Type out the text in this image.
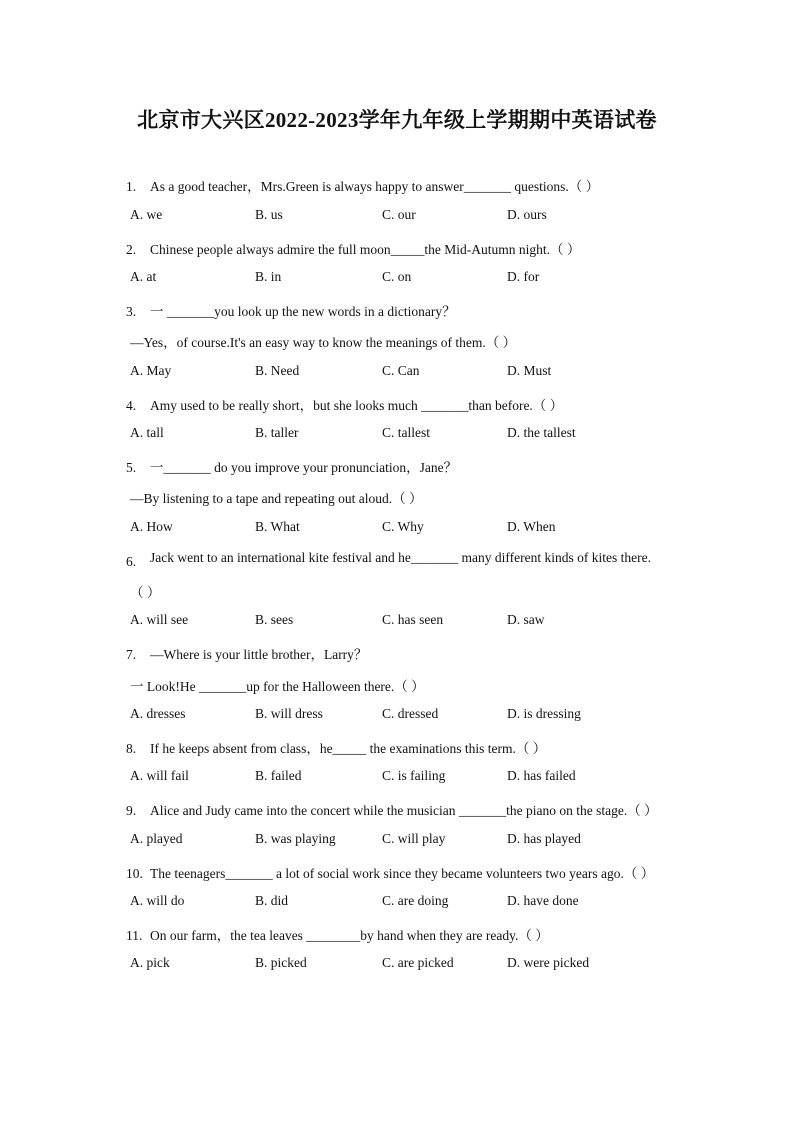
北京市大兴区2022-2023学年九年级上学期期中英语试卷
1.	As a good teacher，Mrs.Green is always happy to answer_______ questions.（ ）
A. we	B. us	C. our	D. ours
2.	Chinese people always admire the full moon_____the Mid-Autumn night.（ ）
A. at	B. in	C. on	D. for
3.	一 _______you look up the new words in a dictionary？
—Yes，of course.It's an easy way to know the meanings of them.（ ）
A. May	B. Need	C. Can	D. Must
4.	Amy used to be really short，but she looks much _______than before.（ ）
A. tall	B. taller	C. tallest	D. the tallest
5.	一_______ do you improve your pronunciation，Jane？
—By listening to a tape and repeating out aloud.（ ）
A. How	B. What	C. Why	D. When
6.	Jack went to an international kite festival and he_______ many different kinds of kites there.
（ ）
A. will see	B. sees	C. has seen	D. saw
7.	—Where is your little brother，Larry？
一 Look!He _______up for the Halloween there.（ ）
A. dresses	B. will dress	C. dressed	D. is dressing
8.	If he keeps absent from class，he_____ the examinations this term.（ ）
A. will fail	B. failed	C. is failing	D. has failed
9.	Alice and Judy came into the concert while the musician _______the piano on the stage.（ ）
A. played	B. was playing	C. will play	D. has played
10. The teenagers_______ a lot of social work since they became volunteers two years ago.（ ）
A. will do	B. did	C. are doing	D. have done
11. On our farm，the tea leaves ________by hand when they are ready.（ ）
A. pick	B. picked	C. are picked	D. were picked
